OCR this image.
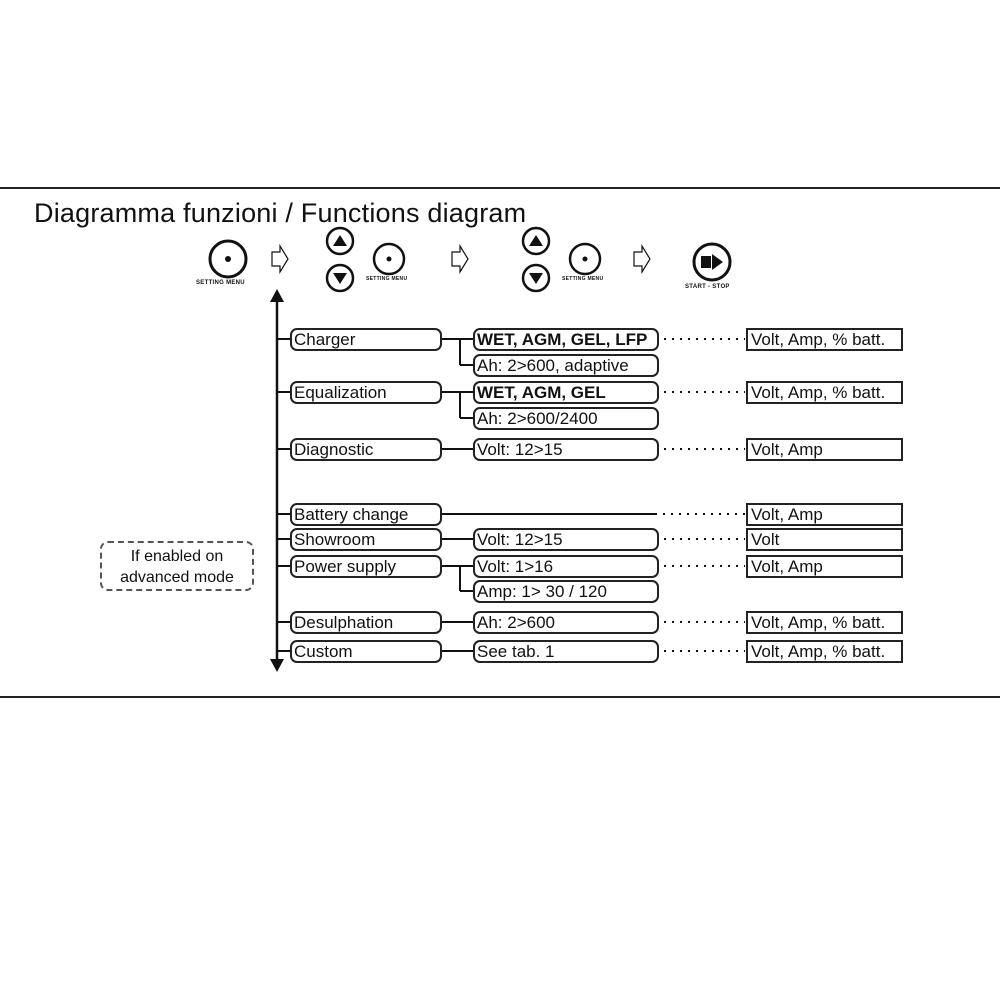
Diagramma funzioni / Functions diagram
SETTING MENU
SETTING MENU	SETTING MENU
START - STOP
If enabled on
advanced mode
Charger
Equalization
Diagnostic
Battery change
Showroom
Power supply
Desulphation
Custom
WET, AGM, GEL, LFP
Ah: 2>600, adaptive
WET, AGM, GEL
Ah: 2>600/2400
Volt: 12>15
Volt: 12>15
Volt: 1>16
Amp: 1> 30 / 120
Ah: 2>600
See tab. 1
Volt, Amp, % batt.
Volt, Amp, % batt.
Volt, Amp
Volt, Amp
Volt
Volt, Amp
Volt, Amp, % batt.
Volt, Amp, % batt.
